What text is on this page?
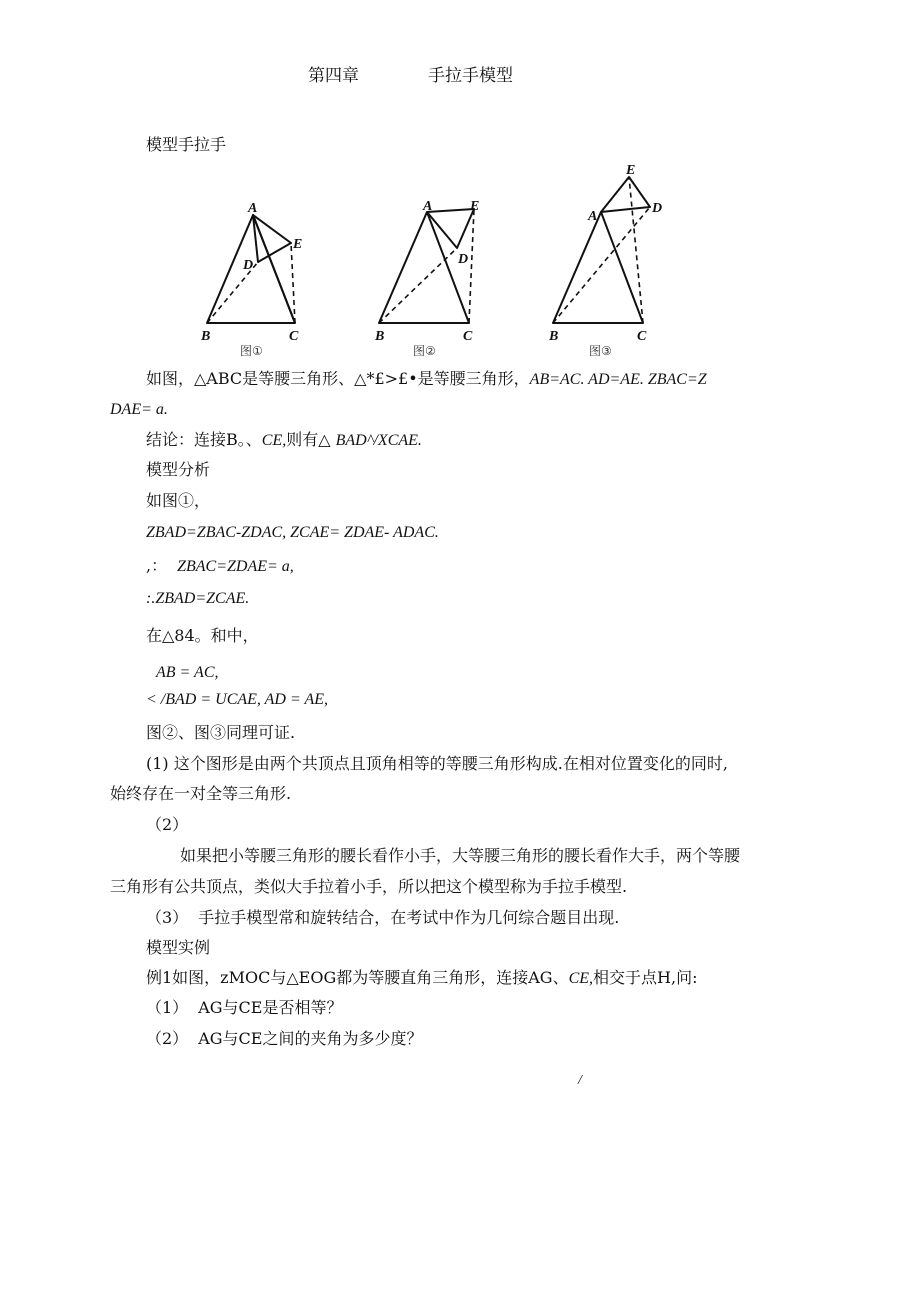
第四章	手拉手模型
模型手拉手
A
D
E
B	C
图①
A	E
D
B	C
图②
E
D
A
B	C
图③
如图，△ABC是等腰三角形、△*£>£•是等腰三角形，AB=AC. AD=AE. ZBAC=Z
DAE= a.
结论：连接B。、CE,则有△ BAD^/XCAE.
模型分析
如图①，
ZBAD=ZBAC-ZDAC, ZCAE= ZDAE- ADAC.
,： ZBAC=ZDAE= a,
:.ZBAD=ZCAE.
在△84。和中，
AB = AC,
< /BAD = UCAE, AD = AE,
图②、图③同理可证.
(1) 这个图形是由两个共顶点且顶角相等的等腰三角形构成.在相对位置变化的同时,
始终存在一对全等三角形.
（2）
如果把小等腰三角形的腰长看作小手，大等腰三角形的腰长看作大手，两个等腰
三角形有公共顶点，类似大手拉着小手，所以把这个模型称为手拉手模型.
（3） 手拉手模型常和旋转结合，在考试中作为几何综合题目出现.
模型实例
例1如图，zMOC与△EOG都为等腰直角三角形，连接AG、CE,相交于点H,问:
（1） AG与CE是否相等？
（2） AG与CE之间的夹角为多少度？
/
